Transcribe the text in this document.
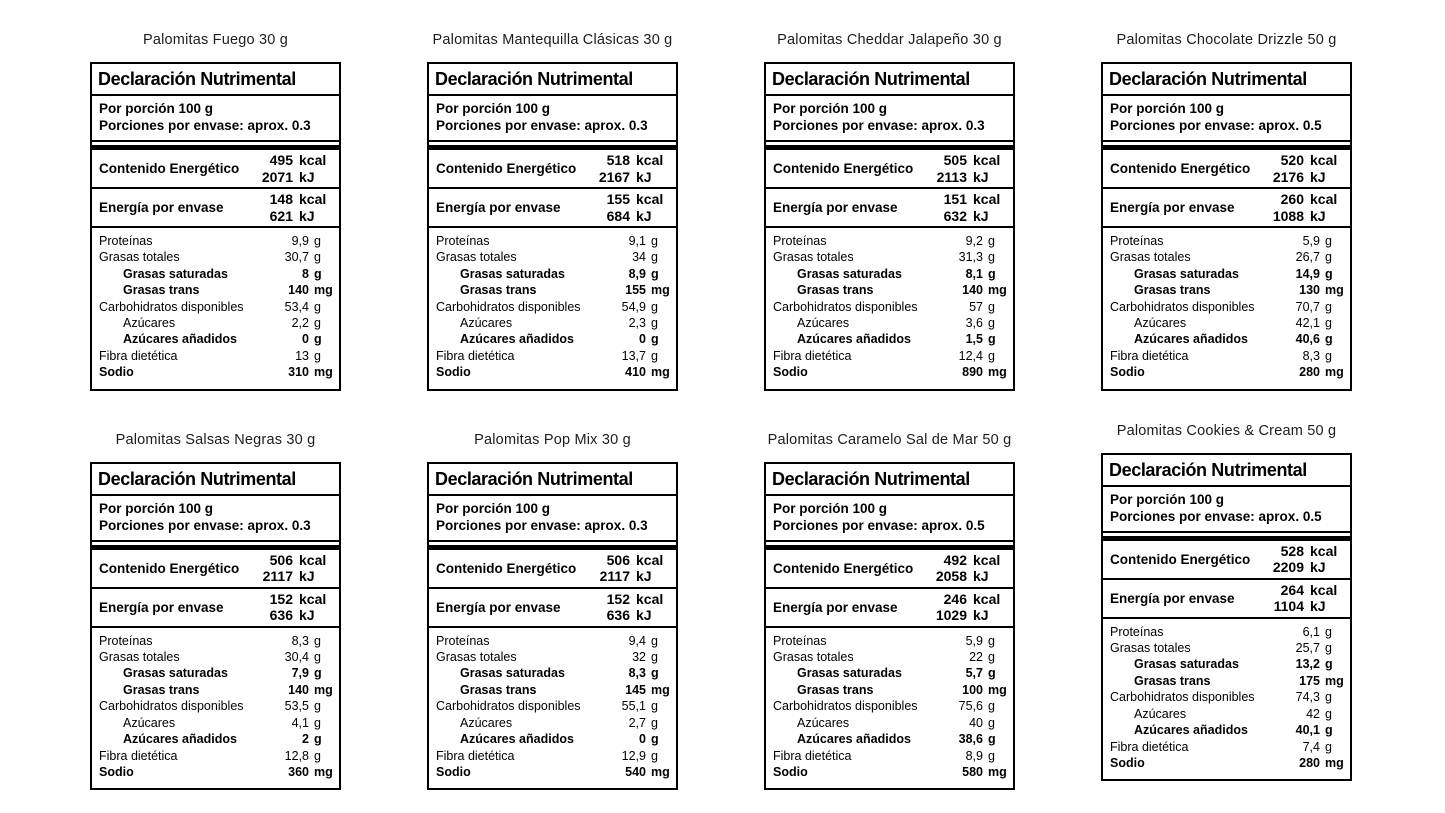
Palomitas Fuego 30 g
Declaración Nutrimental
Por porción 100 g
Porciones por envase: aprox. 0.3
Contenido Energético
495 kcal
2071 kJ
Energía por envase
148 kcal
621 kJ
Proteínas	9,9 g
Grasas totales	30,7 g
Grasas saturadas	8 g
Grasas trans	140 mg
Carbohidratos disponibles	53,4 g
Azúcares	2,2 g
Azúcares añadidos	0 g
Fibra dietética	13 g
Sodio	310 mg
Palomitas Mantequilla Clásicas 30 g
Declaración Nutrimental
Por porción 100 g
Porciones por envase: aprox. 0.3
Contenido Energético
518 kcal
2167 kJ
Energía por envase
155 kcal
684 kJ
Proteínas	9,1 g
Grasas totales	34 g
Grasas saturadas	8,9 g
Grasas trans	155 mg
Carbohidratos disponibles	54,9 g
Azúcares	2,3 g
Azúcares añadidos	0 g
Fibra dietética	13,7 g
Sodio	410 mg
Palomitas Cheddar Jalapeño 30 g
Declaración Nutrimental
Por porción 100 g
Porciones por envase: aprox. 0.3
Contenido Energético
505 kcal
2113 kJ
Energía por envase
151 kcal
632 kJ
Proteínas	9,2 g
Grasas totales	31,3 g
Grasas saturadas	8,1 g
Grasas trans	140 mg
Carbohidratos disponibles	57 g
Azúcares	3,6 g
Azúcares añadidos	1,5 g
Fibra dietética	12,4 g
Sodio	890 mg
Palomitas Chocolate Drizzle 50 g
Declaración Nutrimental
Por porción 100 g
Porciones por envase: aprox. 0.5
Contenido Energético
520 kcal
2176 kJ
Energía por envase
260 kcal
1088 kJ
Proteínas	5,9 g
Grasas totales	26,7 g
Grasas saturadas	14,9 g
Grasas trans	130 mg
Carbohidratos disponibles	70,7 g
Azúcares	42,1 g
Azúcares añadidos	40,6 g
Fibra dietética	8,3 g
Sodio	280 mg
Palomitas Salsas Negras 30 g
Declaración Nutrimental
Por porción 100 g
Porciones por envase: aprox. 0.3
Contenido Energético
506 kcal
2117 kJ
Energía por envase
152 kcal
636 kJ
Proteínas	8,3 g
Grasas totales	30,4 g
Grasas saturadas	7,9 g
Grasas trans	140 mg
Carbohidratos disponibles	53,5 g
Azúcares	4,1 g
Azúcares añadidos	2 g
Fibra dietética	12,8 g
Sodio	360 mg
Palomitas Pop Mix 30 g
Declaración Nutrimental
Por porción 100 g
Porciones por envase: aprox. 0.3
Contenido Energético
506 kcal
2117 kJ
Energía por envase
152 kcal
636 kJ
Proteínas	9,4 g
Grasas totales	32 g
Grasas saturadas	8,3 g
Grasas trans	145 mg
Carbohidratos disponibles	55,1 g
Azúcares	2,7 g
Azúcares añadidos	0 g
Fibra dietética	12,9 g
Sodio	540 mg
Palomitas Caramelo Sal de Mar 50 g
Declaración Nutrimental
Por porción 100 g
Porciones por envase: aprox. 0.5
Contenido Energético
492 kcal
2058 kJ
Energía por envase
246 kcal
1029 kJ
Proteínas	5,9 g
Grasas totales	22 g
Grasas saturadas	5,7 g
Grasas trans	100 mg
Carbohidratos disponibles	75,6 g
Azúcares	40 g
Azúcares añadidos	38,6 g
Fibra dietética	8,9 g
Sodio	580 mg
Palomitas Cookies & Cream 50 g
Declaración Nutrimental
Por porción 100 g
Porciones por envase: aprox. 0.5
Contenido Energético
528 kcal
2209 kJ
Energía por envase
264 kcal
1104 kJ
Proteínas	6,1 g
Grasas totales	25,7 g
Grasas saturadas	13,2 g
Grasas trans	175 mg
Carbohidratos disponibles	74,3 g
Azúcares	42 g
Azúcares añadidos	40,1 g
Fibra dietética	7,4 g
Sodio	280 mg
